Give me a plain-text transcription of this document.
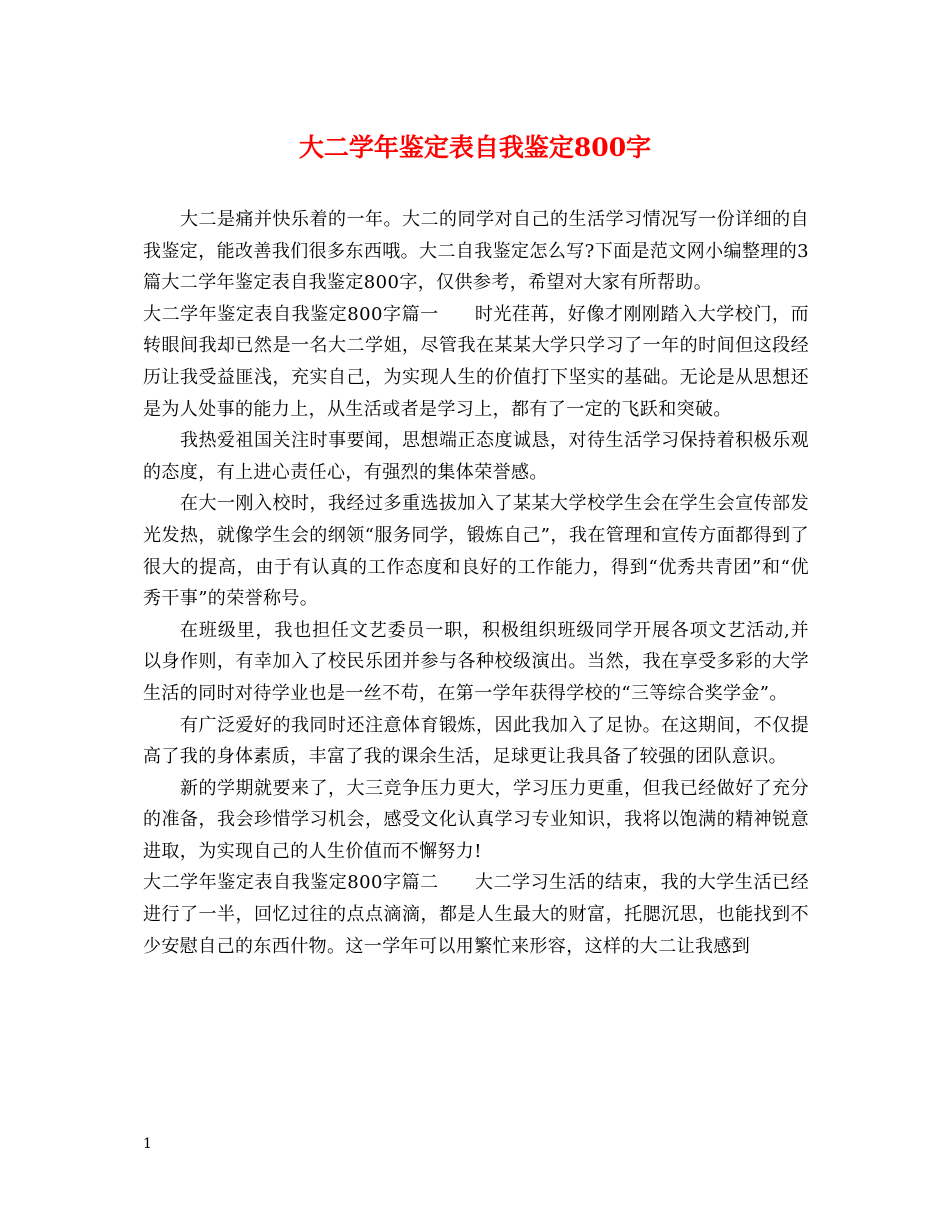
大二学年鉴定表自我鉴定800字

大二是痛并快乐着的一年。大二的同学对自己的生活学习情况写一份详细的自我鉴定，能改善我们很多东西哦。大二自我鉴定怎么写?下面是范文网小编整理的3篇大二学年鉴定表自我鉴定800字，仅供参考，希望对大家有所帮助。

大二学年鉴定表自我鉴定800字篇一 时光荏苒，好像才刚刚踏入大学校门，而转眼间我却已然是一名大二学姐，尽管我在某某大学只学习了一年的时间但这段经历让我受益匪浅，充实自己，为实现人生的价值打下坚实的基础。无论是从思想还是为人处事的能力上，从生活或者是学习上，都有了一定的飞跃和突破。

我热爱祖国关注时事要闻，思想端正态度诚恳，对待生活学习保持着积极乐观的态度，有上进心责任心，有强烈的集体荣誉感。

在大一刚入校时，我经过多重选拔加入了某某大学校学生会在学生会宣传部发光发热，就像学生会的纲领“服务同学，锻炼自己”，我在管理和宣传方面都得到了很大的提高，由于有认真的工作态度和良好的工作能力，得到“优秀共青团”和“优秀干事”的荣誉称号。

在班级里，我也担任文艺委员一职，积极组织班级同学开展各项文艺活动,并以身作则，有幸加入了校民乐团并参与各种校级演出。当然，我在享受多彩的大学生活的同时对待学业也是一丝不苟，在第一学年获得学校的“三等综合奖学金”。

有广泛爱好的我同时还注意体育锻炼，因此我加入了足协。在这期间，不仅提高了我的身体素质，丰富了我的课余生活，足球更让我具备了较强的团队意识。

新的学期就要来了，大三竞争压力更大，学习压力更重，但我已经做好了充分的准备，我会珍惜学习机会，感受文化认真学习专业知识，我将以饱满的精神锐意进取，为实现自己的人生价值而不懈努力!

大二学年鉴定表自我鉴定800字篇二 大二学习生活的结束，我的大学生活已经进行了一半，回忆过往的点点滴滴，都是人生最大的财富，托腮沉思，也能找到不少安慰自己的东西什物。这一学年可以用繁忙来形容，这样的大二让我感到

1
